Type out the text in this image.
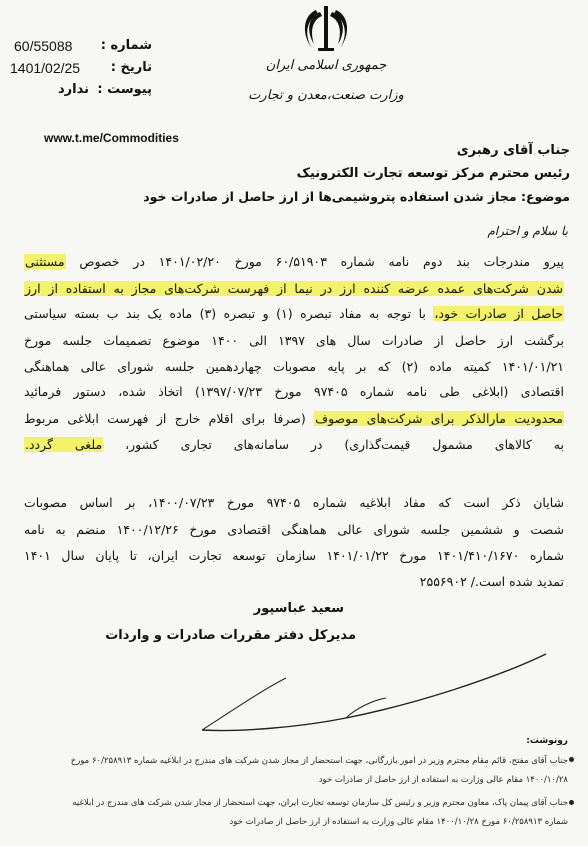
60/55088 شماره :
1401/02/25 تاریخ :
ندارد پیوست :
جمهوری اسلامی ایران
وزارت صنعت،معدن و تجارت
www.t.me/Commodities
جناب آقای رهبری
رئیس محترم مرکز توسعه تجارت الکترونیک
موضوع: مجاز شدن استفاده پتروشیمی‌ها از ارز حاصل از صادرات خود
با سلام و احترام
پیرو مندرجات بند دوم نامه شماره ۶۰/۵۱۹۰۳ مورخ ۱۴۰۱/۰۲/۲۰ در خصوص مستثنی
شدن شرکت‌های عمده عرضه کننده ارز در نیما از فهرست شرکت‌های مجاز به استفاده از ارز
حاصل از صادرات خود، با توجه به مفاد تبصره (۱) و تبصره (۳) ماده یک بند ب بسته سیاستی
برگشت ارز حاصل از صادرات سال های ۱۳۹۷ الی ۱۴۰۰ موضوع تصمیمات جلسه مورخ
۱۴۰۱/۰۱/۲۱ کمیته ماده (۲) که بر پایه مصوبات چهاردهمین جلسه شورای عالی هماهنگی
اقتصادی (ابلاغی طی نامه شماره ۹۷۴۰۵ مورخ ۱۳۹۷/۰۷/۲۳) اتخاذ شده، دستور فرمائید
محدودیت مارالذکر برای شرکت‌های موصوف (صرفا برای اقلام خارج از فهرست ابلاغی مربوط
به کالاهای مشمول قیمت‌گذاری) در سامانه‌های تجاری کشور، ملغی گردد.
شایان ذکر است که مفاد ابلاغیه شماره ۹۷۴۰۵ مورخ ۱۴۰۰/۰۷/۲۳، بر اساس مصوبات
شصت و ششمین جلسه شورای عالی هماهنگی اقتصادی مورخ ۱۴۰۰/۱۲/۲۶ منضم به نامه
شماره ۱۴۰۱/۴۱۰/۱۶۷۰ مورخ ۱۴۰۱/۰۱/۲۲ سازمان توسعه تجارت ایران، تا پایان سال ۱۴۰۱
تمدید شده است./ ۲۵۵۶۹۰۲
سعید عباسپور
مدیرکل دفتر مقررات صادرات و واردات
رونوشت:
جناب آقای مفتح، قائم مقام محترم وزیر در امور بازرگانی، جهت استحضار از مجاز شدن شرکت های مندرج در ابلاغیه شماره ۶۰/۲۵۸۹۱۳ مورخ
۱۴۰۰/۱۰/۲۸ مقام عالی وزارت به استفاده از ارز حاصل از صادرات خود
جناب آقای پیمان پاک، معاون محترم وزیر و رئیس کل سازمان توسعه تجارت ایران، جهت استحضار از مجاز شدن شرکت های مندرج در ابلاغیه
شماره ۶۰/۲۵۸۹۱۳ مورخ ۱۴۰۰/۱۰/۲۸ مقام عالی وزارت به استفاده از ارز حاصل از صادرات خود
